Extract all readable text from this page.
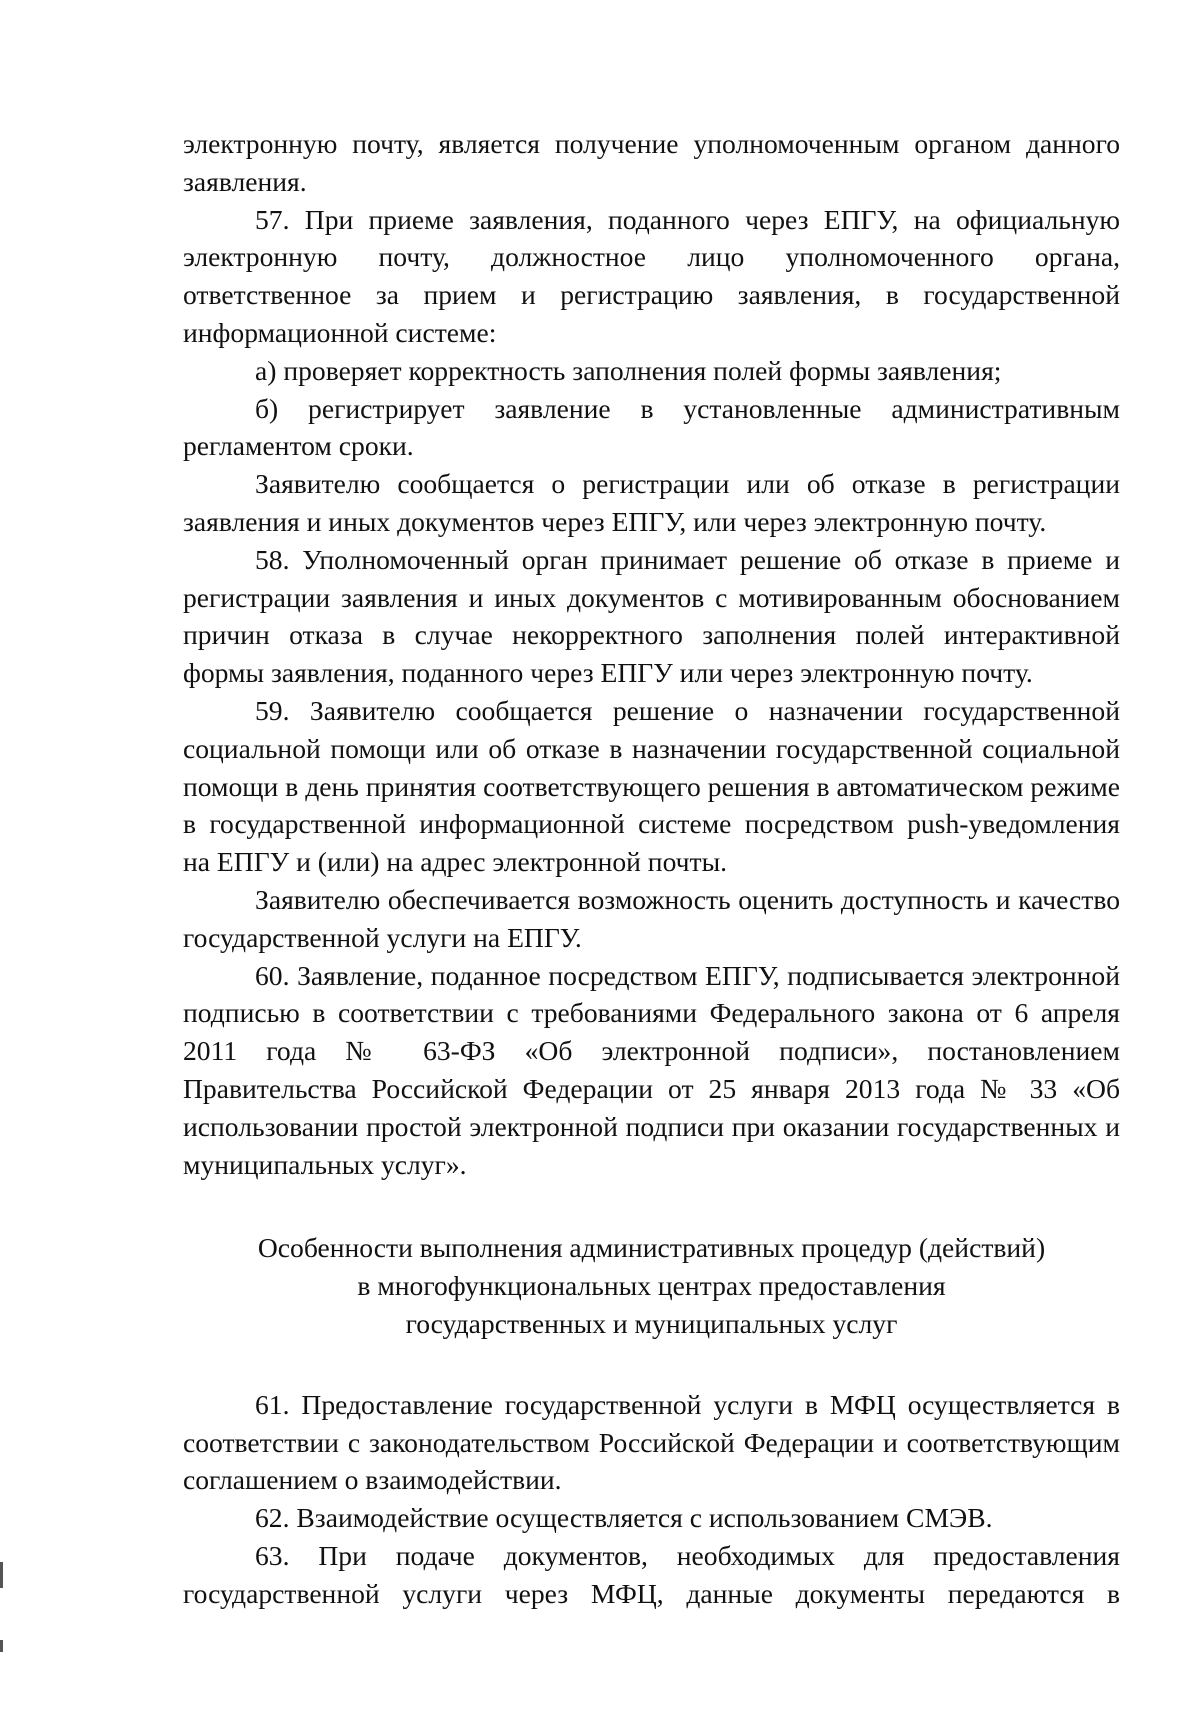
электронную почту, является получение уполномоченным органом данного заявления.

57. При приеме заявления, поданного через ЕПГУ, на официальную электронную почту, должностное лицо уполномоченного органа, ответственное за прием и регистрацию заявления, в государственной информационной системе:

а) проверяет корректность заполнения полей формы заявления;

б) регистрирует заявление в установленные административным регламентом сроки.

Заявителю сообщается о регистрации или об отказе в регистрации заявления и иных документов через ЕПГУ, или через электронную почту.

58. Уполномоченный орган принимает решение об отказе в приеме и регистрации заявления и иных документов с мотивированным обоснованием причин отказа в случае некорректного заполнения полей интерактивной формы заявления, поданного через ЕПГУ или через электронную почту.

59. Заявителю сообщается решение о назначении государственной социальной помощи или об отказе в назначении государственной социальной помощи в день принятия соответствующего решения в автоматическом режиме в государственной информационной системе посредством push-уведомления на ЕПГУ и (или) на адрес электронной почты.

Заявителю обеспечивается возможность оценить доступность и качество государственной услуги на ЕПГУ.

60. Заявление, поданное посредством ЕПГУ, подписывается электронной подписью в соответствии с требованиями Федерального закона от 6 апреля 2011 года № 63-ФЗ «Об электронной подписи», постановлением Правительства Российской Федерации от 25 января 2013 года № 33 «Об использовании простой электронной подписи при оказании государственных и муниципальных услуг».

Особенности выполнения административных процедур (действий)
в многофункциональных центрах предоставления
государственных и муниципальных услуг

61. Предоставление государственной услуги в МФЦ осуществляется в соответствии с законодательством Российской Федерации и соответствующим соглашением о взаимодействии.

62. Взаимодействие осуществляется с использованием СМЭВ.

63. При подаче документов, необходимых для предоставления государственной услуги через МФЦ, данные документы передаются в
